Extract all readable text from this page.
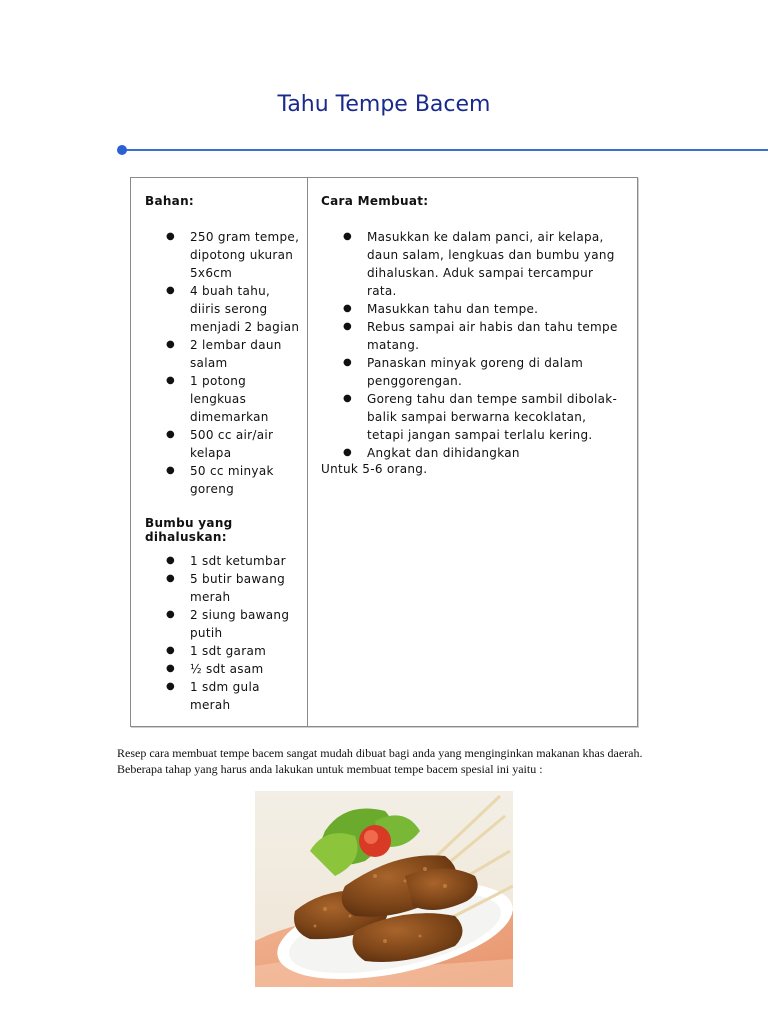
Tahu Tempe Bacem
Bahan:
● 250 gram tempe, dipotong ukuran 5x6cm
● 4 buah tahu, diiris serong menjadi 2 bagian
● 2 lembar daun salam
● 1 potong lengkuas dimemarkan
● 500 cc air/air kelapa
● 50 cc minyak goreng
Bumbu yang dihaluskan:
● 1 sdt ketumbar
● 5 butir bawang merah
● 2 siung bawang putih
● 1 sdt garam
● ½ sdt asam
● 1 sdm gula merah
Cara Membuat:
● Masukkan ke dalam panci, air kelapa, daun salam, lengkuas dan bumbu yang dihaluskan. Aduk sampai tercampur rata.
● Masukkan tahu dan tempe.
● Rebus sampai air habis dan tahu tempe matang.
● Panaskan minyak goreng di dalam penggorengan.
● Goreng tahu dan tempe sambil dibolak-balik sampai berwarna kecoklatan, tetapi jangan sampai terlalu kering.
● Angkat dan dihidangkan
Untuk 5-6 orang.
Resep cara membuat tempe bacem sangat mudah dibuat bagi anda yang menginginkan makanan khas daerah. Beberapa tahap yang harus anda lakukan untuk membuat tempe bacem spesial ini yaitu :
